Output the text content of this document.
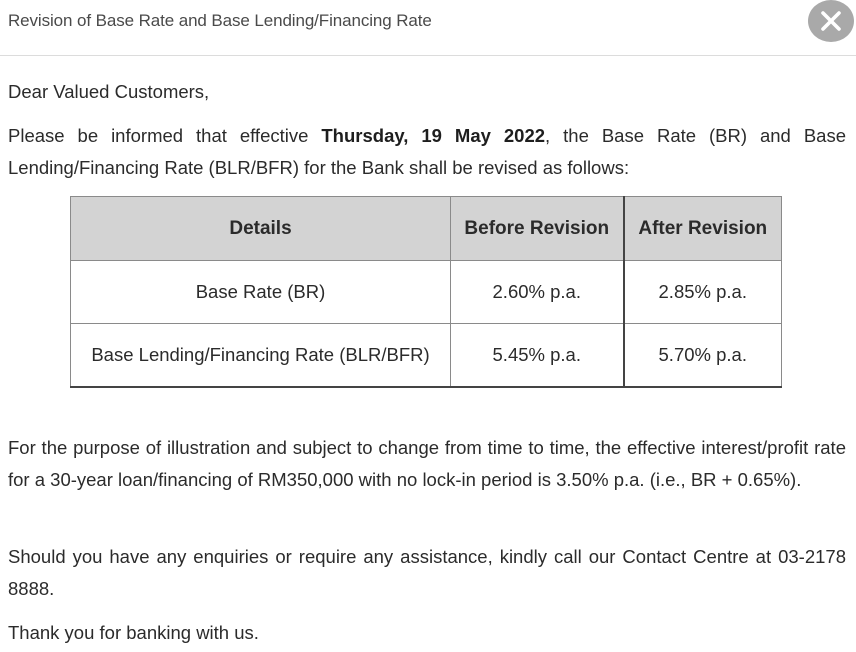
Revision of Base Rate and Base Lending/Financing Rate
Dear Valued Customers,
Please be informed that effective Thursday, 19 May 2022, the Base Rate (BR) and Base Lending/Financing Rate (BLR/BFR) for the Bank shall be revised as follows:
Details	Before Revision	After Revision
Base Rate (BR)	2.60% p.a.	2.85% p.a.
Base Lending/Financing Rate (BLR/BFR)	5.45% p.a.	5.70% p.a.
For the purpose of illustration and subject to change from time to time, the effective interest/profit rate for a 30-year loan/financing of RM350,000 with no lock-in period is 3.50% p.a. (i.e., BR + 0.65%).
Should you have any enquiries or require any assistance, kindly call our Contact Centre at 03-2178 8888.
Thank you for banking with us.
